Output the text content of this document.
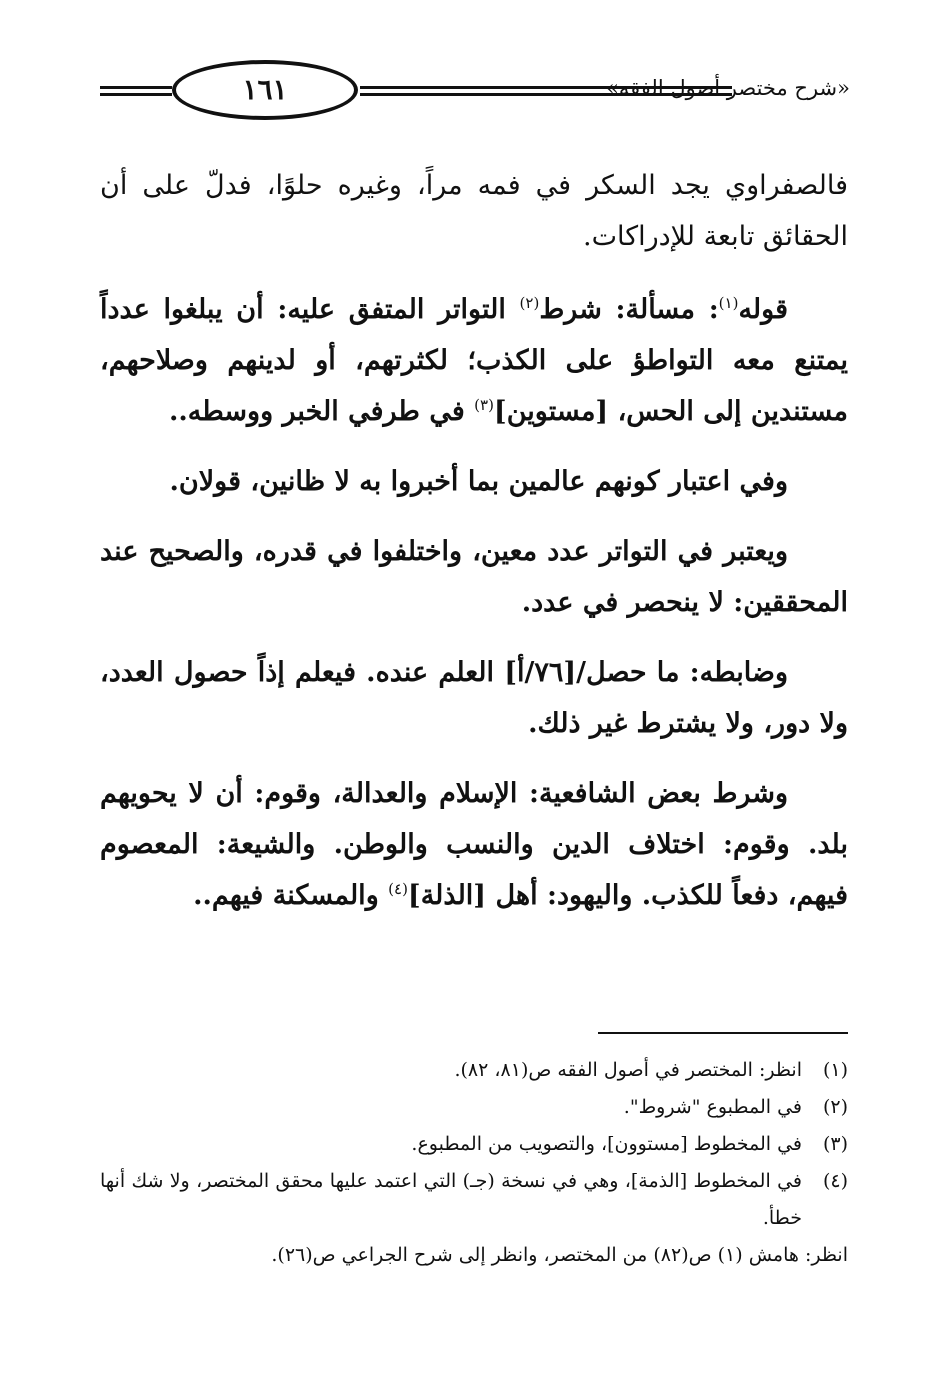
١٦١	«شرح مختصر أصول الفقه»

فالصفراوي يجد السكر في فمه مراً، وغيره حلوًا، فدلّ على أن الحقائق تابعة للإدراكات.

قوله$^{(١)}$: مسألة: شرط$^{(٢)}$ التواتر المتفق عليه: أن يبلغوا عدداً يمتنع معه التواطؤ على الكذب؛ لكثرتهم، أو لدينهم وصلاحهم، مستندين إلى الحس، [مستوين]$^{(٣)}$ في طرفي الخبر ووسطه..

وفي اعتبار كونهم عالمين بما أخبروا به لا ظانين، قولان.

ويعتبر في التواتر عدد معين، واختلفوا في قدره، والصحيح عند المحققين: لا ينحصر في عدد.

وضابطه: ما حصل/[٧٦/أ] العلم عنده. فيعلم إذاً حصول العدد، ولا دور، ولا يشترط غير ذلك.

وشرط بعض الشافعية: الإسلام والعدالة، وقوم: أن لا يحويهم بلد. وقوم: اختلاف الدين والنسب والوطن. والشيعة: المعصوم فيهم، دفعاً للكذب. واليهود: أهل [الذلة]$^{(٤)}$ والمسكنة فيهم..

(١)
انظر: المختصر في أصول الفقه ص(٨١، ٨٢).

(٢)
في المطبوع "شروط".

(٣)
في المخطوط [مستوون]، والتصويب من المطبوع.

(٤)
في المخطوط [الذمة]، وهي في نسخة (جـ) التي اعتمد عليها محقق المختصر، ولا شك أنها خطأ.

انظر: هامش (١) ص(٨٢) من المختصر، وانظر إلى شرح الجراعي ص(٢٦).
